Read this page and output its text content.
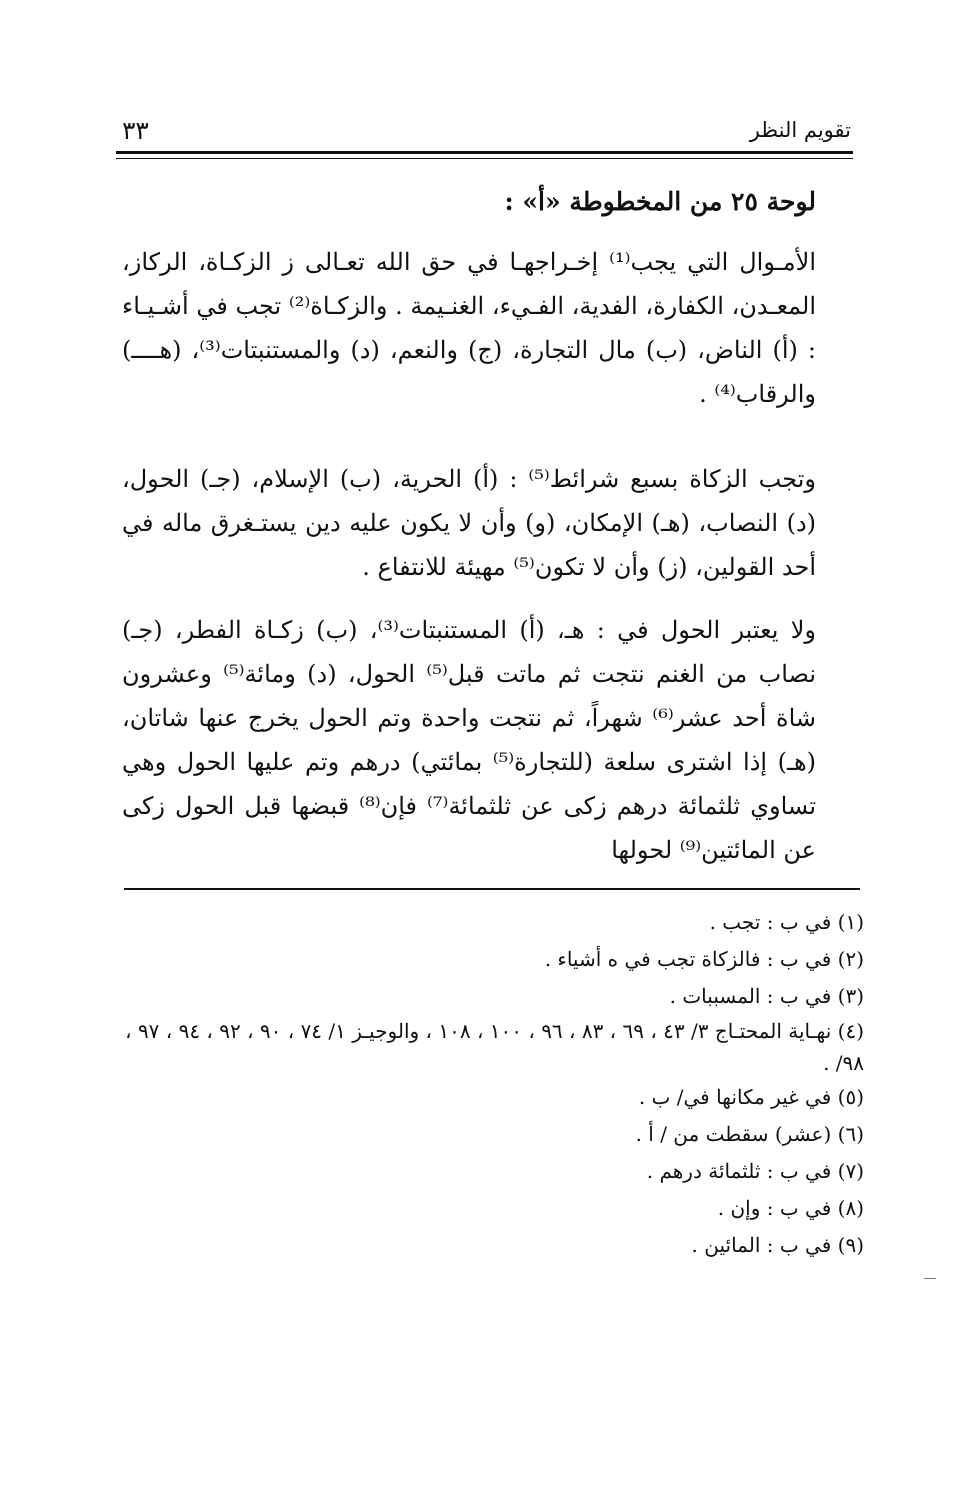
٣٣	تقويم النظر
لوحة ٢٥ من المخطوطة «أ» :
الأمـوال التي يجب⁽¹⁾ إخـراجهـا في حق الله تعـالى ز الزكـاة، الركاز، المعـدن، الكفارة، الفدية، الفـيء، الغنـيمة . والزكـاة⁽²⁾ تجب في أشـيـاء : (أ) الناض، (ب) مال التجارة، (ج) والنعم، (د) والمستنبتات⁽³⁾، (هــــ) والرقاب⁽⁴⁾ .
وتجب الزكاة بسبع شرائط⁽⁵⁾ : (أ) الحرية، (ب) الإسلام، (جـ) الحول، (د) النصاب، (هـ) الإمكان، (و) وأن لا يكون عليه دين يستـغرق ماله في أحد القولين، (ز) وأن لا تكون⁽⁵⁾ مهيئة للانتفاع .
ولا يعتبر الحول في : هـ، (أ) المستنبتات⁽³⁾، (ب) زكـاة الفطر، (جـ) نصاب من الغنم نتجت ثم ماتت قبل⁽⁵⁾ الحول، (د) ومائة⁽⁵⁾ وعشرون شاة أحد عشر⁽⁶⁾ شهراً، ثم نتجت واحدة وتم الحول يخرج عنها شاتان، (هـ) إذا اشترى سلعة (للتجارة⁽⁵⁾ بمائتي) درهم وتم عليها الحول وهي تساوي ثلثمائة درهم زكى عن ثلثمائة⁽⁷⁾ فإن⁽⁸⁾ قبضها قبل الحول زكى عن المائتين⁽⁹⁾ لحولها
(١) في ب : تجب .
(٢) في ب : فالزكاة تجب في ه أشياء .
(٣) في ب : المسببات .
(٤) نهـاية المحتـاج ٣/ ٤٣ ، ٦٩ ، ٨٣ ، ٩٦ ، ١٠٠ ، ١٠٨ ، والوجيـز ١/ ٧٤ ، ٩٠ ، ٩٢ ، ٩٤ ، ٩٧ ، ٩٨/ .
(٥) في غير مكانها في/ ب .
(٦) (عشر) سقطت من / أ .
(٧) في ب : ثلثمائة درهم .
(٨) في ب : وإن .
(٩) في ب : المائين .
